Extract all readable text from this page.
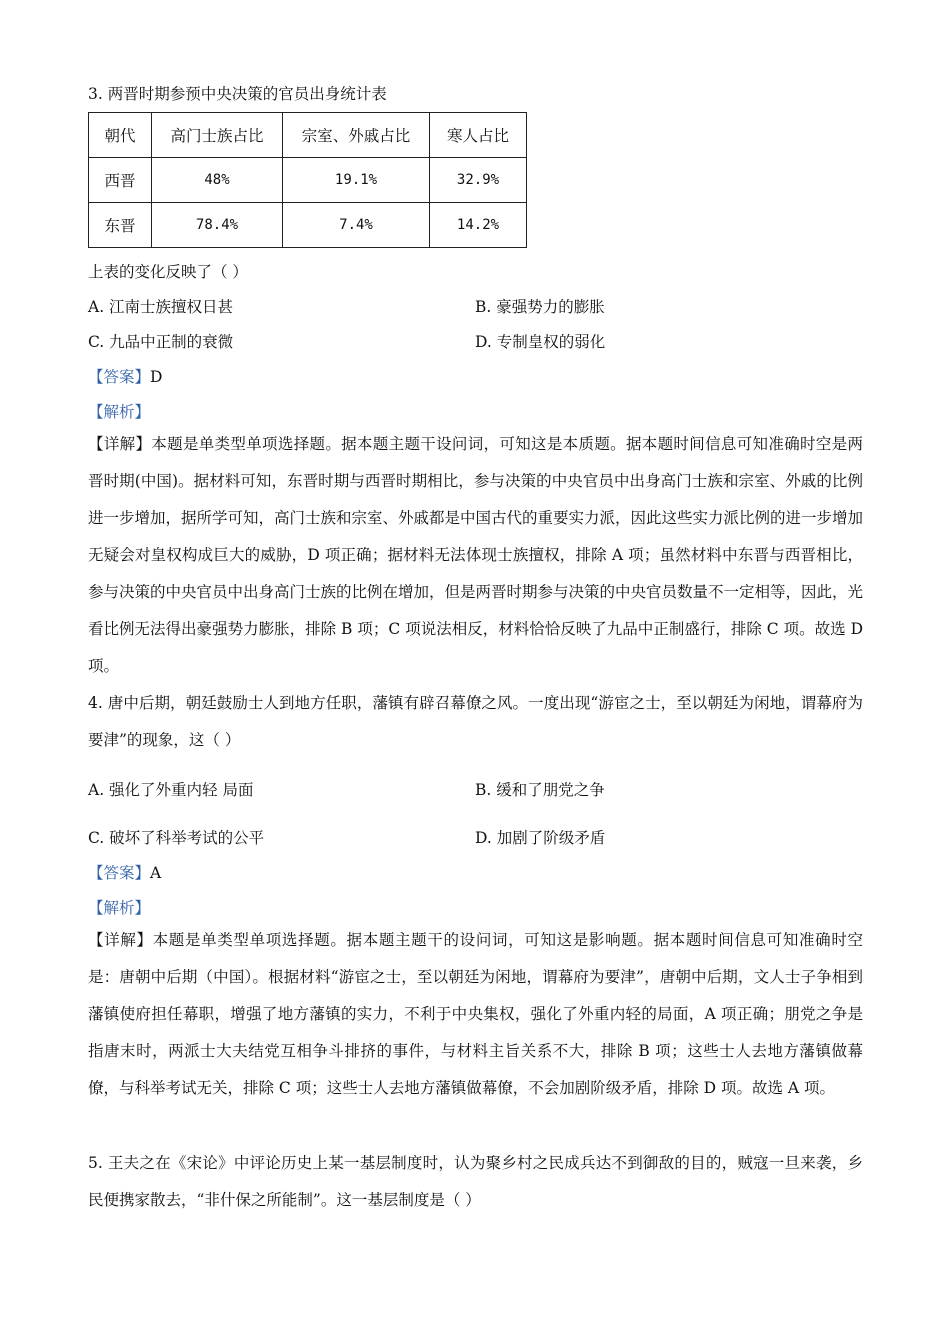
3. 两晋时期参预中央决策的官员出身统计表
朝代	高门士族占比	宗室、外戚占比	寒人占比
西晋	48%	19.1%	32.9%
东晋	78.4%	7.4%	14.2%
上表的变化反映了（ ）
A. 江南士族擅权日甚	B. 豪强势力的膨胀
C. 九品中正制的衰微	D. 专制皇权的弱化
【答案】D
【解析】
【详解】本题是单类型单项选择题。据本题主题干设问词，可知这是本质题。据本题时间信息可知准确时空是两晋时期(中国)。据材料可知，东晋时期与西晋时期相比，参与决策的中央官员中出身高门士族和宗室、外戚的比例进一步增加，据所学可知，高门士族和宗室、外戚都是中国古代的重要实力派，因此这些实力派比例的进一步增加无疑会对皇权构成巨大的威胁，D 项正确；据材料无法体现士族擅权，排除 A 项；虽然材料中东晋与西晋相比，参与决策的中央官员中出身高门士族的比例在增加，但是两晋时期参与决策的中央官员数量不一定相等，因此，光看比例无法得出豪强势力膨胀，排除 B 项；C 项说法相反，材料恰恰反映了九品中正制盛行，排除 C 项。故选 D 项。
4. 唐中后期，朝廷鼓励士人到地方任职，藩镇有辟召幕僚之风。一度出现“游宦之士，至以朝廷为闲地，谓幕府为要津”的现象，这（ ）
A. 强化了外重内轻 局面	B. 缓和了朋党之争
C. 破坏了科举考试的公平	D. 加剧了阶级矛盾
【答案】A
【解析】
【详解】本题是单类型单项选择题。据本题主题干的设问词，可知这是影响题。据本题时间信息可知准确时空是：唐朝中后期（中国）。根据材料“游宦之士，至以朝廷为闲地，谓幕府为要津”，唐朝中后期，文人士子争相到藩镇使府担任幕职，增强了地方藩镇的实力，不利于中央集权，强化了外重内轻的局面，A 项正确；朋党之争是指唐末时，两派士大夫结党互相争斗排挤的事件，与材料主旨关系不大，排除 B 项；这些士人去地方藩镇做幕僚，与科举考试无关，排除 C 项；这些士人去地方藩镇做幕僚，不会加剧阶级矛盾，排除 D 项。故选 A 项。
5. 王夫之在《宋论》中评论历史上某一基层制度时，认为聚乡村之民成兵达不到御敌的目的，贼寇一旦来袭，乡民便携家散去，“非什保之所能制”。这一基层制度是（ ）
